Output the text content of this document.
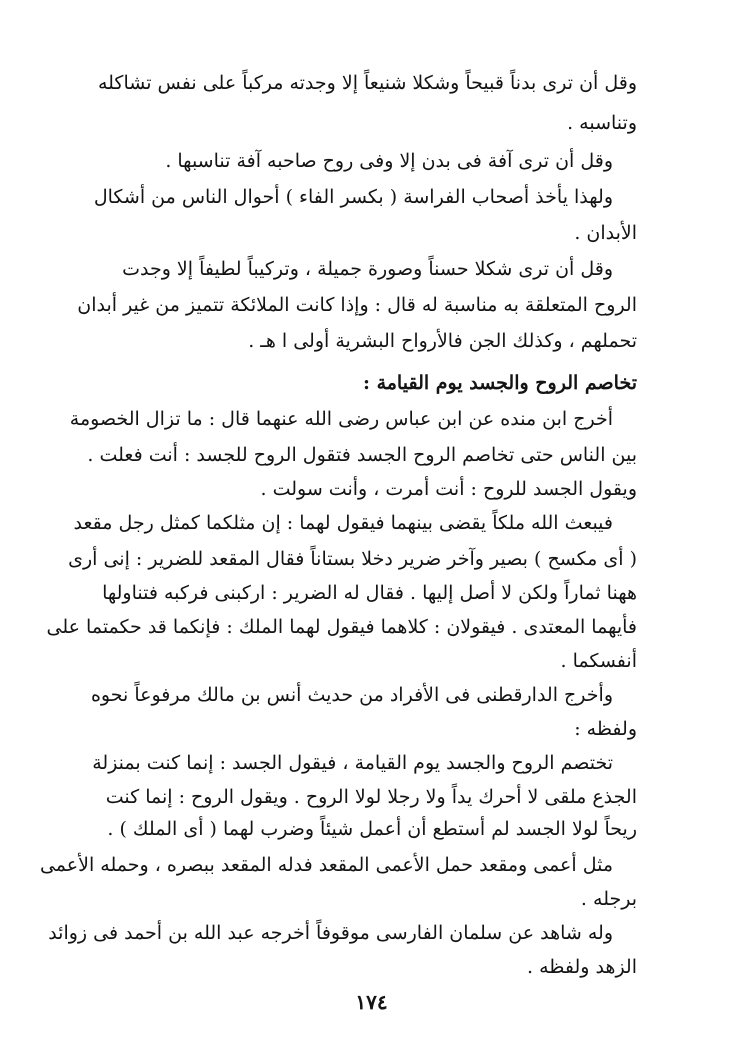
وقل أن ترى بدناً قبيحاً وشكلا شنيعاً إلا وجدته مركباً على نفس تشاكله
وتناسبه .
وقل أن ترى آفة فى بدن إلا وفى روح صاحبه آفة تناسبها .
ولهذا يأخذ أصحاب الفراسة ( بكسر الفاء ) أحوال الناس من أشكال
الأبدان .
وقل أن ترى شكلا حسناً وصورة جميلة ، وتركيباً لطيفاً إلا وجدت
الروح المتعلقة به مناسبة له قال : وإذا كانت الملائكة تتميز من غير أبدان
تحملهم ، وكذلك الجن فالأرواح البشرية أولى ا هـ .
تخاصم الروح والجسد يوم القيامة :
أخرج ابن منده عن ابن عباس رضى الله عنهما قال : ما تزال الخصومة
بين الناس حتى تخاصم الروح الجسد فتقول الروح للجسد : أنت فعلت .
ويقول الجسد للروح : أنت أمرت ، وأنت سولت .
فيبعث الله ملكاً يقضى بينهما فيقول لهما : إن مثلكما كمثل رجل مقعد
( أى مكسح ) بصير وآخر ضرير دخلا بستاناً فقال المقعد للضرير : إنى أرى
ههنا ثماراً ولكن لا أصل إليها . فقال له الضرير : اركبنى فركبه فتناولها
فأيهما المعتدى . فيقولان : كلاهما فيقول لهما الملك : فإنكما قد حكمتما على
أنفسكما .
وأخرج الدارقطنى فى الأفراد من حديث أنس بن مالك مرفوعاً نحوه
ولفظه :
تختصم الروح والجسد يوم القيامة ، فيقول الجسد : إنما كنت بمنزلة
الجذع ملقى لا أحرك يداً ولا رجلا لولا الروح . ويقول الروح : إنما كنت
ريحاً لولا الجسد لم أستطع أن أعمل شيئاً وضرب لهما ( أى الملك ) .
مثل أعمى ومقعد حمل الأعمى المقعد فدله المقعد ببصره ، وحمله الأعمى
برجله .
وله شاهد عن سلمان الفارسى موقوفاً أخرجه عبد الله بن أحمد فى زوائد
الزهد ولفظه .
١٧٤
